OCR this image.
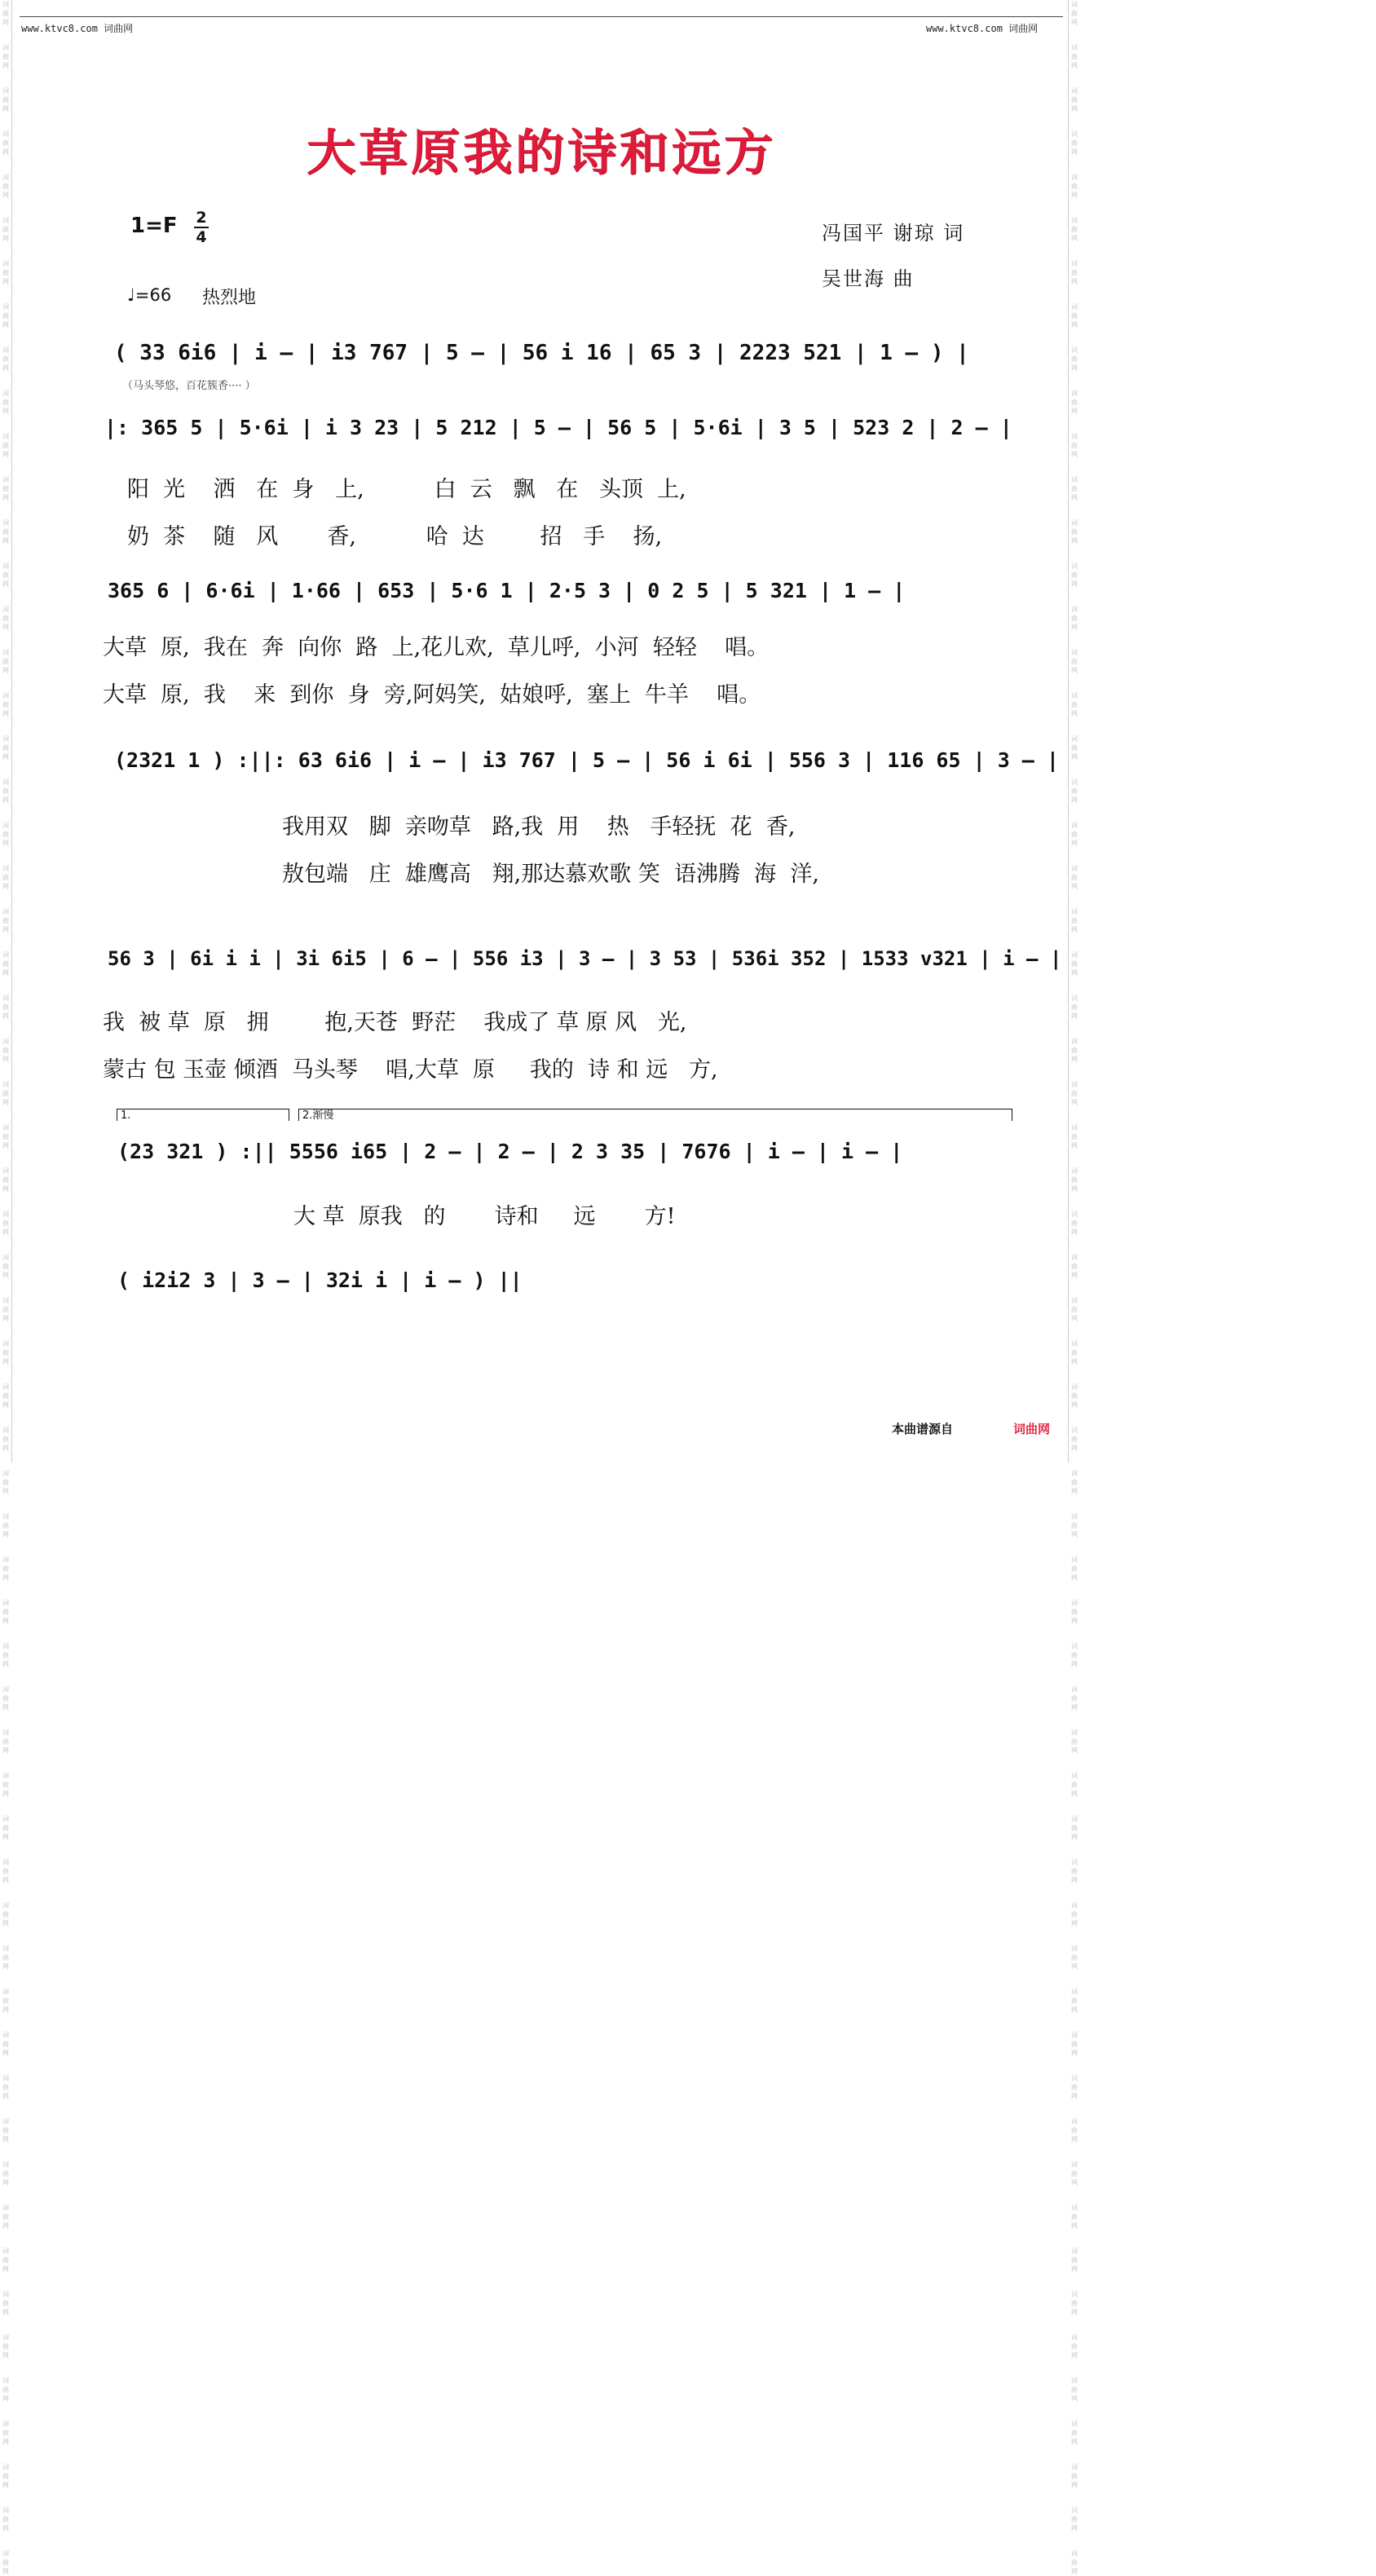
词
曲
网
词
曲
网
词
曲
网
词
曲
网
词
曲
网
词
曲
网
词
曲
网
词
曲
网
词
曲
网
词
曲
网
词
曲
网
词
曲
网
词
曲
网
词
曲
网
词
曲
网
词
曲
网
词
曲
网
词
曲
网
词
曲
网
词
曲
网
词
曲
网
词
曲
网
词
曲
网
词
曲
网
词
曲
网
词
曲
网
词
曲
网
词
曲
网
词
曲
网
词
曲
网
词
曲
网
词
曲
网
词
曲
网
词
曲
网
词
曲
网
词
曲
网
词
曲
网
词
曲
网
词
曲
网
词
曲
网
词
曲
网
词
曲
网
词
曲
网
词
曲
网
词
曲
网
词
曲
网
词
曲
网
词
曲
网
词
曲
网
词
曲
网
词
曲
网
词
曲
网
词
曲
网
词
曲
网
词
曲
网
词
曲
网
词
曲
网
词
曲
网
词
曲
网
词
曲
网
词
曲
网
词
曲
网
词
曲
网
词
曲
网
词
曲
网
词
曲
网
词
曲
网
词
曲
网
词
曲
网
词
曲
网
词
曲
网
词
曲
网
词
曲
网
词
曲
网
词
曲
网
词
曲
网
词
曲
网
词
曲
网
词
曲
网
词
曲
网
词
曲
网
词
曲
网
词
曲
网
词
曲
网
词
曲
网
词
曲
网
词
曲
网
词
曲
网
词
曲
网
词
曲
网
词
曲
网
词
曲
网
词
曲
网
词
曲
网
词
曲
网
词
曲
网
词
曲
网
词
曲
网
词
曲
网
词
曲
网
词
曲
网
词
曲
网
词
曲
网
词
曲
网
词
曲
网
词
曲
网
词
曲
网
词
曲
网
词
曲
网
词
曲
网
词
曲
网
词
曲
网
词
曲
网
词
曲
网
词
曲
网
词
曲
网
词
曲
网
词
曲
网
词
曲
网
词
曲
网
www.ktvc8.com 词曲网	www.ktvc8.com 词曲网
大草原我的诗和远方
1=F 2
4	冯国平 谢琼 词
吴世海 曲
♩=66 热烈地
( 33 6i6 | i – | i3 767 | 5 – | 56 i 16 | 65 3 | 2223 521 | 1 – ) |
（马头琴悠，百花簇香···· ）
|: 365 5 | 5·6i | i 3 23 | 5 212 | 5 – | 56 5 | 5·6i | 3 5 | 523 2 | 2 – |
阳  光    洒   在  身   上,          白  云   飘   在   头顶  上,
奶  茶    随   风       香,          哈  达        招   手    扬,
365 6 | 6·6i | 1·66 | 653 | 5·6 1 | 2·5 3 | 0 2 5 | 5 321 | 1 – |
大草  原,  我在  奔  向你  路  上,花儿欢,  草儿呼,  小河  轻轻    唱。
大草  原,  我    来  到你  身  旁,阿妈笑,  姑娘呼,  塞上  牛羊    唱。
(2321 1 ) :||: 63 6i6 | i – | i3 767 | 5 – | 56 i 6i | 556 3 | 116 65 | 3 – |
我用双   脚  亲吻草   路,我  用    热   手轻抚  花  香,
敖包端   庄  雄鹰高   翔,那达慕欢歌 笑  语沸腾  海  洋,
56 3 | 6i i i | 3i 6i5 | 6 – | 556 i3 | 3 – | 3 53 | 536i 352 | 1533 v321 | i – |
我  被 草  原   拥        抱,天苍  野茫    我成了 草 原 风   光,
蒙古 包 玉壶 倾酒  马头琴    唱,大草  原     我的  诗 和 远   方,
1.	2.渐慢
(23 321 ) :|| 5556 i65 | 2 – | 2 – | 2 3 35 | 7676 | i – | i – |
大 草  原我   的       诗和     远       方!
( i2i2 3 | 3 – | 32i i | i – ) ||
本曲谱源自	词曲网
